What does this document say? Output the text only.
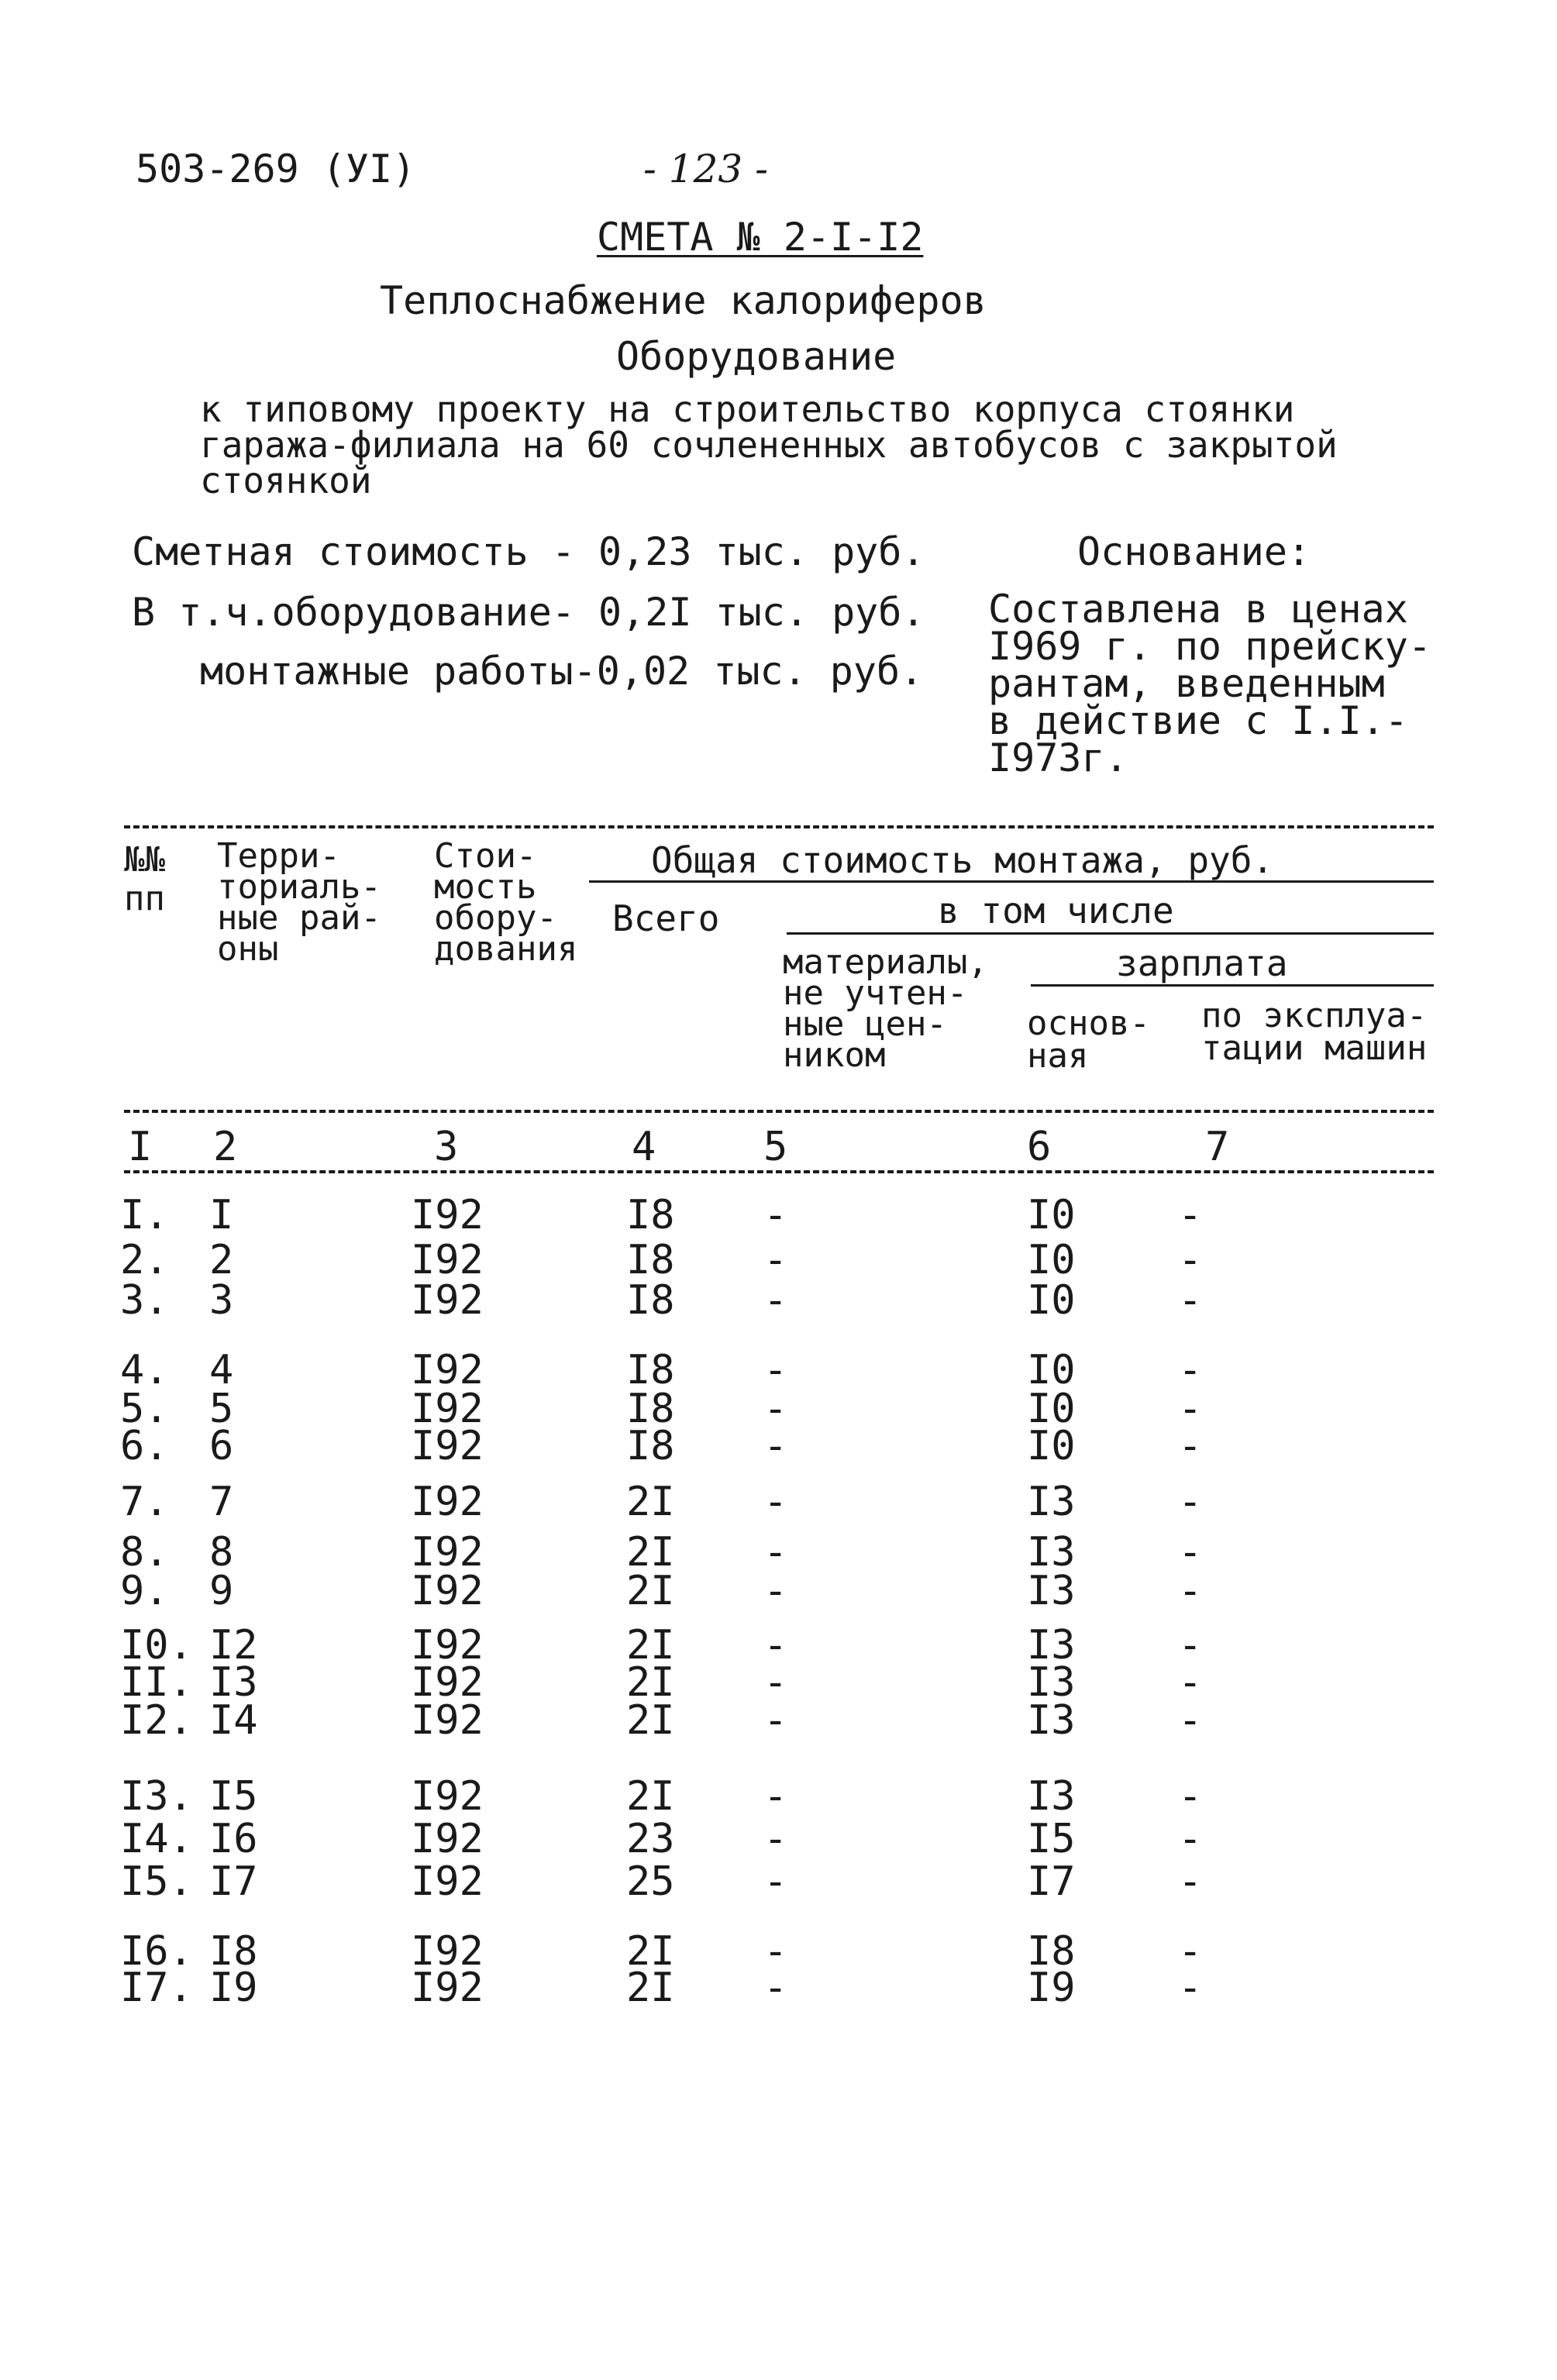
503-269 (УІ)	- 123 -
СМЕТА № 2-І-І2
Теплоснабжение калориферов
Оборудование
к типовому проекту на строительство корпуса стоянки
гаража-филиала на 60 сочлененных автобусов с закрытой
стоянкой
Сметная стоимость - 0,23 тыс. руб.
В т.ч.оборудование- 0,2І тыс. руб.
монтажные работы-0,02 тыс. руб.
Основание:
Составлена в ценах
І969 г. по прейску-
рантам, введенным
в действие с І.І.-
І973г.
№№ пп
Терри-
ториаль-
ные рай-
оны
Стои-
мость
обору-
дования
Общая стоимость монтажа, руб.
Всего	в том числе
материалы,
не учтен-
ные цен-
ником
зарплата
основ-
ная
по эксплуа-
тации машин
І 2	3	4	5	6	7
І. І	І92	І8 -	І0	-
2. 2	І92	І8 -	І0	-
3. 3	І92	І8 -	І0	-
4. 4	І92	І8 -	І0	-
5. 5	І92	І8 -	І0	-
6. 6	І92	І8 -	І0	-
7. 7	І92	2І -	І3	-
8. 8	І92	2І -	І3	-
9. 9	І92	2І -	І3	-
І0. І2	І92	2І -	І3	-
ІІ. І3	І92	2І -	І3	-
І2. І4	І92	2І -	І3	-
І3. І5	І92	2І -	І3	-
І4. І6	І92	23 -	І5	-
І5. І7	І92	25 -	І7	-
І6. І8	І92	2І -	І8	-
І7. І9	І92	2І -	І9	-
